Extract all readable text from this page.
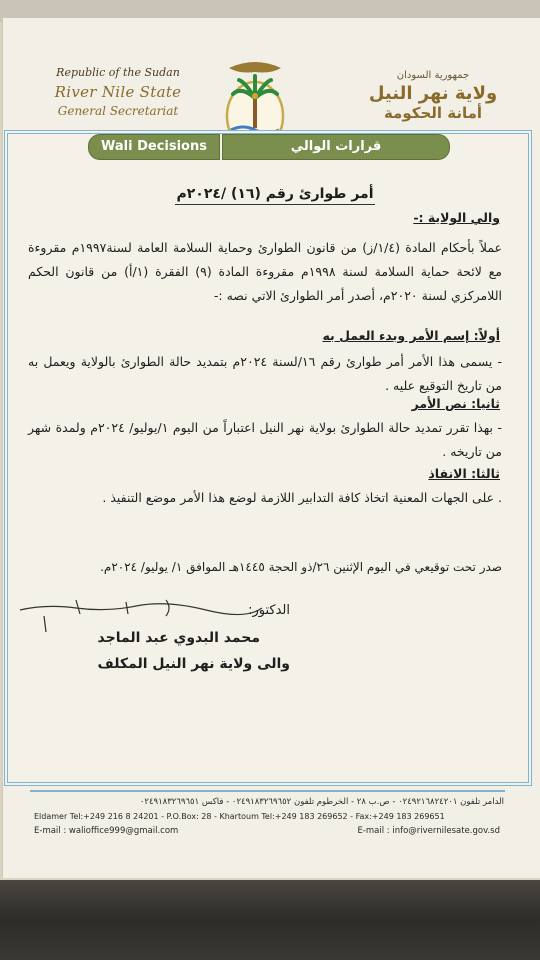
Republic of the Sudan
River Nile State
General Secretariat
جمهورية السودان
ولاية نهر النيل
أمانة الحكومة
Wali Decisions	قرارات الوالي
أمر طوارئ رقم (١٦) /٢٠٢٤م
والي الولاية :-
عملاً بأحكام المادة (١/٤/ز) من قانون الطوارئ وحماية السلامة العامة لسنة١٩٩٧م مقروءة مع لائحة حماية السلامة لسنة ١٩٩٨م مقروءة المادة (٩) الفقرة (١/أ) من قانون الحكم اللامركزي لسنة ٢٠٢٠م، أصدر أمر الطوارئ الاتي نصه :-
أولاً: إسم الأمر وبدء العمل به
- يسمى هذا الأمر أمر طوارئ رقم ١٦/لسنة ٢٠٢٤م بتمديد حالة الطوارئ بالولاية ويعمل به من تاريخ التوقيع عليه .
ثانيا: نص الأمر
- بهذا تقرر تمديد حالة الطوارئ بولاية نهر النيل اعتباراً من اليوم ١/يوليو/ ٢٠٢٤م ولمدة شهر من تاريخه .
ثالثا: الانفاذ
. على الجهات المعنية اتخاذ كافة التدابير اللازمة لوضع هذا الأمر موضع التنفيذ .
صدر تحت توقيعي في اليوم الإثنين ٢٦/ذو الحجة ١٤٤٥هـ الموافق ١/ يوليو/ ٢٠٢٤م.
الدكتور:
محمد البدوي عبد الماجد
والى ولاية نهر النيل المكلف
الدامر تلفون ٠٢٤٩٢١٦٨٢٤٢٠١ - ص.ب ٢٨ - الخرطوم تلفون ٠٢٤٩١٨٣٢٦٩٦٥٢ - فاكس ٠٢٤٩١٨٣٢٦٩٦٥١
Eldamer Tel:+249 216 8 24201 - P.O.Box: 28 - Khartoum Tel:+249 183 269652 - Fax:+249 183 269651
E-mail : walioffice999@gmail.com	E-mail : info@rivernilesate.gov.sd
